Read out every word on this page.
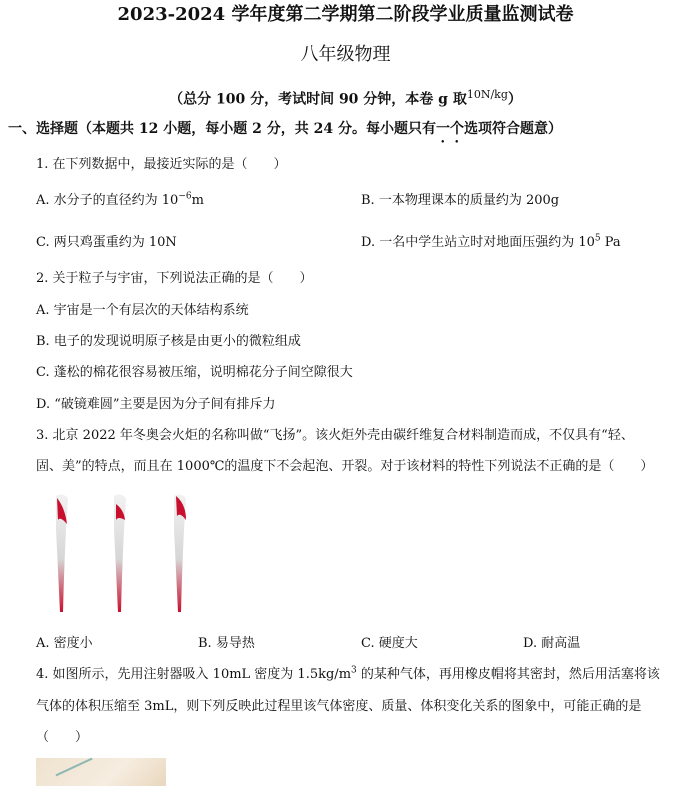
2023-2024 学年度第二学期第二阶段学业质量监测试卷
八年级物理
（总分 100 分，考试时间 90 分钟，本卷 g 取$^{10N/kg}$）
一、选择题（本题共 12 小题，每小题 2 分，共 24 分。每小题只有一个选项符合题意）
1. 在下列数据中，最接近实际的是（　　）
A. 水分子的直径约为 $10^{-6}m$	B. 一本物理课本的质量约为 200g
C. 两只鸡蛋重约为 10N	D. 一名中学生站立时对地面压强约为 $10^5$ Pa
2. 关于粒子与宇宙，下列说法正确的是（　　）
A. 宇宙是一个有层次的天体结构系统
B. 电子的发现说明原子核是由更小的微粒组成
C. 蓬松的棉花很容易被压缩，说明棉花分子间空隙很大
D. “破镜难圆”主要是因为分子间有排斥力
3. 北京 2022 年冬奥会火炬的名称叫做“飞扬”。该火炬外壳由碳纤维复合材料制造而成，不仅具有“轻、
固、美”的特点，而且在 1000℃的温度下不会起泡、开裂。对于该材料的特性下列说法不正确的是（　　）
A. 密度小	B. 易导热	C. 硬度大	D. 耐高温
4. 如图所示，先用注射器吸入 10mL 密度为 $1.5kg/m^3$ 的某种气体，再用橡皮帽将其密封，然后用活塞将该
气体的体积压缩至 3mL，则下列反映此过程里该气体密度、质量、体积变化关系的图象中，可能正确的是
（　　）
